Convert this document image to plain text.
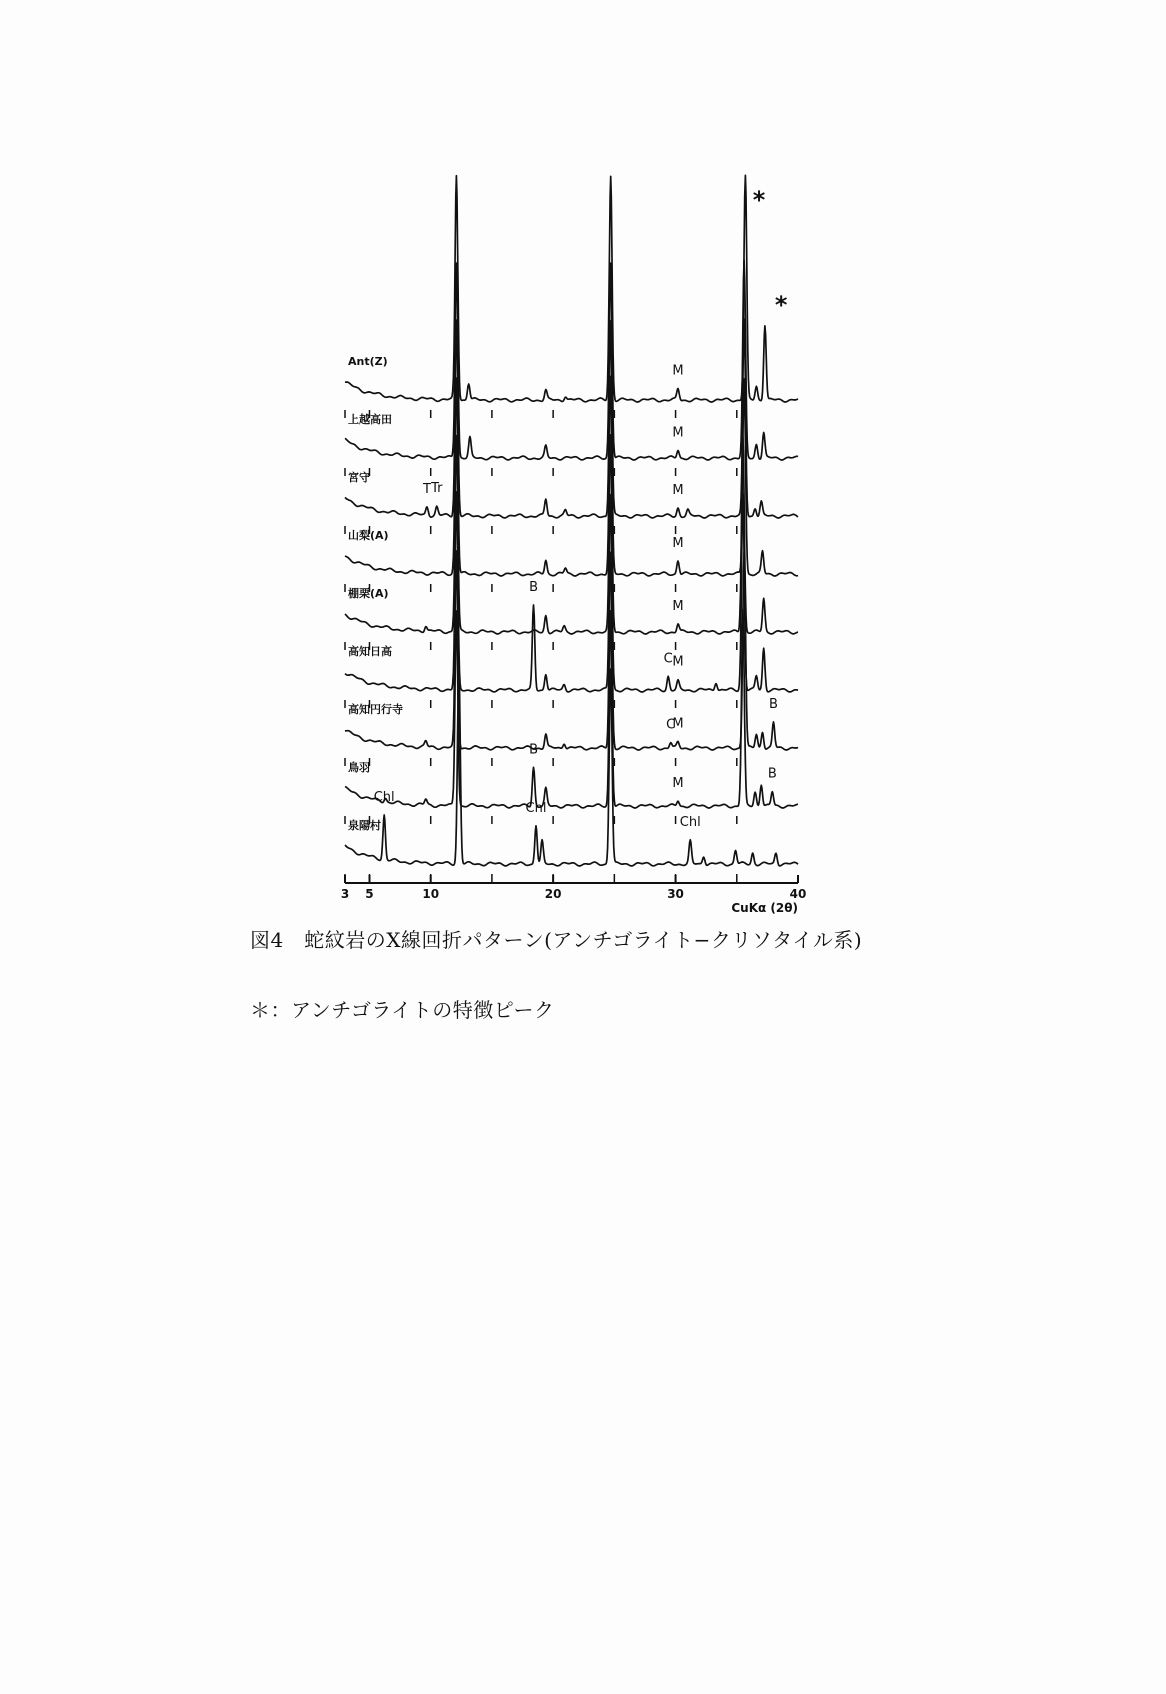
Ant(Z)
M
上越高田
M
宮守
T Tr	M
山梨(A)
M
棚栗(A)
M
高知日高	C M
B
高知円行寺
C
M
B
鳥羽
M
B
B
泉陽村
Chl
Chl
Chl
*
*
CuKα (2θ)
3 5	10	20	30	40
図4　蛇紋岩のX線回折パターン(アンチゴライト−クリソタイル系)
＊：アンチゴライトの特徴ピーク
